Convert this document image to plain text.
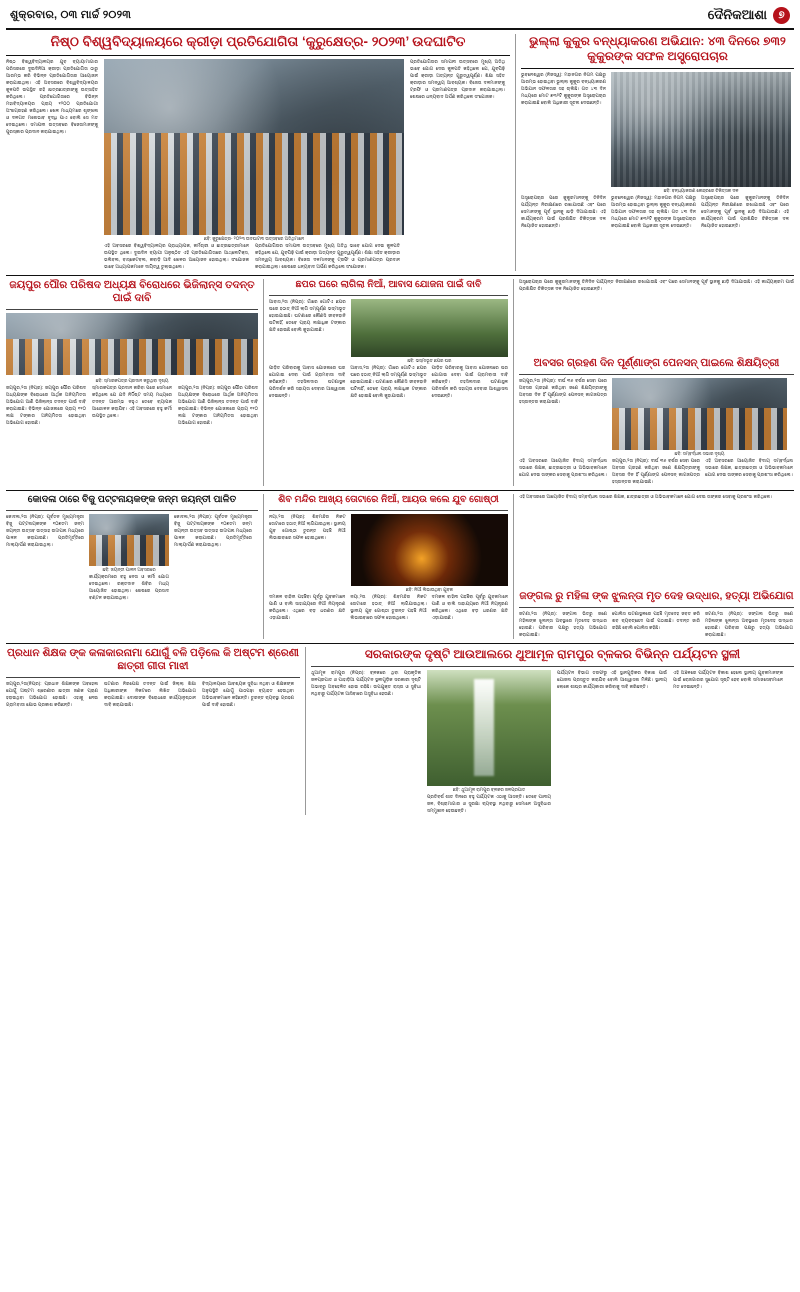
ଶୁକ୍ରବାର, ୦୩ ମାର୍ଚ୍ଚ ୨୦୨୩	ଦୈନିକଆଶା	୭
ନିଷ୍ଠ ବିଶ୍ୱବିଦ୍ୟାଳୟରେ କ୍ରୀଡ଼ା ପ୍ରତିଯୋଗିତା ‘କୁରୁକ୍ଷେତ୍ର- ୨୦୨୩’ ଉଦଘାଟିତ
ନିଷ୍ଠ ବିଶ୍ୱବିଦ୍ୟାଳୟର ଯୁବ ବ୍ୟାୟାମାଗାର ପରିସରରେ ଦୁଇଦିନିଆ କ୍ରୀଡ଼ା ପ୍ରତିଯୋଗିତା ଠାରୁ ଆରମ୍ଭ କରି ବିଭିନ୍ନ ପ୍ରତିଯୋଗିତାର ଆୟୋଜନ କରାଯାଇଥିଲା। ଏହି ଅବସରରେ ବିଶ୍ୱବିଦ୍ୟାଳୟର କୁଳପତି ଉପସ୍ଥିତ ରହି ଛାତ୍ରଛାତ୍ରୀଙ୍କୁ ଉତ୍ସାହିତ କରିଥିଲେ। ପ୍ରତିଯୋଗିତାରେ ବିଭିନ୍ନ ମହାବିଦ୍ୟାଳୟର ପ୍ରାୟ ୧୨୦୦ ପ୍ରତିଯୋଗୀ ଅଂଶଗ୍ରହଣ କରିଥିଲେ। ଖେଳ ମାଧ୍ୟମରେ ଶୃଙ୍ଖଳା ଓ ଦଳଗତ ମନୋଭାବ ବୃଦ୍ଧି ପାଏ ବୋଲି ସେ ମତ ଦେଇଥିଲେ। ସମାପନୀ ଉତ୍ସବରେ ବିଜେତାମାନଙ୍କୁ ପୁରସ୍କାର ପ୍ରଦାନ କରାଯାଇଥିଲା।
ଛବି: କୁରୁକ୍ଷେତ୍ର- ୨୦୨୩ ଉଦଘାଟନୀ ଉତ୍ସବରେ ଅତିଥିମାନେ
ଏହି ଅବସରରେ ବିଶ୍ୱବିଦ୍ୟାଳୟର ପ୍ରାଧ୍ୟାପକ, କର୍ମଚାରୀ ଓ ଛାତ୍ରଛାତ୍ରୀମାନେ ଉପସ୍ଥିତ ଥିଲେ। ଦୁଇଦିନ ବ୍ୟାପୀ ଅନୁଷ୍ଠିତ ଏହି ପ୍ରତିଯୋଗିତାରେ ଆଥ୍ଲେଟିକ୍ସ, ଭଲିବଲ, ବାସ୍କେଟବଲ, କବାଡ଼ି ଆଦି ଖେଳର ଆୟୋଜନ ହୋଇଥିଲା। ସଂଯୋଜକ ଭାବେ ଅଧ୍ୟାପକମାନେ ଦାୟିତ୍ୱ ତୁଲାଇଥିଲେ।
ପ୍ରତିଯୋଗିତାର ସମାପନୀ ଉତ୍ସବରେ ମୁଖ୍ୟ ଅତିଥି ଭାବେ ଯୋଗ ଦେଇ କୁଳପତି କହିଥିଲେ ଯେ, ଯୁବପିଢ଼ି ପାଇଁ କ୍ରୀଡ଼ା ଅତ୍ୟନ୍ତ ଗୁରୁତ୍ୱପୂର୍ଣ୍ଣ। ଶିକ୍ଷା ସହିତ କ୍ରୀଡ଼ାର ସମନ୍ୱୟ ଆବଶ୍ୟକ। ବିଜେତା ଦଳମାନଙ୍କୁ ଟ୍ରଫି ଓ ପ୍ରମାଣପତ୍ର ପ୍ରଦାନ କରାଯାଇଥିଲା। ଶେଷରେ ଧନ୍ୟବାଦ ଅର୍ପଣ କରିଥିଲେ ସଂଯୋଜକ।
ପ୍ରତିଯୋଗିତାର ସମାପନୀ ଉତ୍ସବରେ ମୁଖ୍ୟ ଅତିଥି ଭାବେ ଯୋଗ ଦେଇ କୁଳପତି କହିଥିଲେ ଯେ, ଯୁବପିଢ଼ି ପାଇଁ କ୍ରୀଡ଼ା ଅତ୍ୟନ୍ତ ଗୁରୁତ୍ୱପୂର୍ଣ୍ଣ। ଶିକ୍ଷା ସହିତ କ୍ରୀଡ଼ାର ସମନ୍ୱୟ ଆବଶ୍ୟକ। ବିଜେତା ଦଳମାନଙ୍କୁ ଟ୍ରଫି ଓ ପ୍ରମାଣପତ୍ର ପ୍ରଦାନ କରାଯାଇଥିଲା। ଶେଷରେ ଧନ୍ୟବାଦ ଅର୍ପଣ କରିଥିଲେ ସଂଯୋଜକ।
ଭୁଲ୍ଲା କୁକୁର ବନ୍ଧ୍ୟାକରଣ ଅଭିଯାନ: ୪୩ ଦିନରେ ୭୩୨ କୁକୁରଙ୍କ ସଫଳ ଅସ୍ତ୍ରୋପଚାର
ଭୁବନେଶ୍ୱର (ନିଜସ୍ୱ): ମହାନଗର ନିଗମ ପକ୍ଷରୁ ଆରମ୍ଭ ହୋଇଥିବା ଭୁଲ୍ଲା କୁକୁର ବନ୍ଧ୍ୟାକରଣ ଅଭିଯାନ ସଫଳତାର ସହ ଚାଲିଛି। ଗତ ୪୩ ଦିନ ମଧ୍ୟରେ ମୋଟ ୭୩୨ଟି କୁକୁରଙ୍କ ଅସ୍ତ୍ରୋପଚାର କରାଯାଇଛି ବୋଲି ଅଧିକାରୀ ସୂଚନା ଦେଇଛନ୍ତି।
ଛବି: ବନ୍ଧ୍ୟାକରଣ କେନ୍ଦ୍ରରେ ଚିକିତ୍ସକ ଦଳ
ଅସ୍ତ୍ରୋପଚାର ପରେ କୁକୁରମାନଙ୍କୁ ତିନିଦିନ ପର୍ଯ୍ୟନ୍ତ ନିରୀକ୍ଷଣରେ ରଖାଯାଉଛି ଏବଂ ପରେ ସେମାନଙ୍କୁ ପୂର୍ବ ସ୍ଥାନକୁ ଛାଡ଼ି ଦିଆଯାଉଛି। ଏହି କାର୍ଯ୍ୟକ୍ରମ ପାଇଁ ପ୍ରଶିକ୍ଷିତ ଚିକିତ୍ସକ ଦଳ ନିୟୋଜିତ ହୋଇଛନ୍ତି।
ଭୁବନେଶ୍ୱର (ନିଜସ୍ୱ): ମହାନଗର ନିଗମ ପକ୍ଷରୁ ଆରମ୍ଭ ହୋଇଥିବା ଭୁଲ୍ଲା କୁକୁର ବନ୍ଧ୍ୟାକରଣ ଅଭିଯାନ ସଫଳତାର ସହ ଚାଲିଛି। ଗତ ୪୩ ଦିନ ମଧ୍ୟରେ ମୋଟ ୭୩୨ଟି କୁକୁରଙ୍କ ଅସ୍ତ୍ରୋପଚାର କରାଯାଇଛି ବୋଲି ଅଧିକାରୀ ସୂଚନା ଦେଇଛନ୍ତି।
ଅସ୍ତ୍ରୋପଚାର ପରେ କୁକୁରମାନଙ୍କୁ ତିନିଦିନ ପର୍ଯ୍ୟନ୍ତ ନିରୀକ୍ଷଣରେ ରଖାଯାଉଛି ଏବଂ ପରେ ସେମାନଙ୍କୁ ପୂର୍ବ ସ୍ଥାନକୁ ଛାଡ଼ି ଦିଆଯାଉଛି। ଏହି କାର୍ଯ୍ୟକ୍ରମ ପାଇଁ ପ୍ରଶିକ୍ଷିତ ଚିକିତ୍ସକ ଦଳ ନିୟୋଜିତ ହୋଇଛନ୍ତି।
ଜୟପୁର ପୌର ପରିଷଦ ଅଧ୍ୟକ୍ଷ ବିରୋଧରେ ଭିଜିଲାନ୍ସ ତଦନ୍ତ ପାଇଁ ଦାବି
ଛବି: ସ୍ମାରକପତ୍ର ପ୍ରଦାନ କରୁଥିବା ଦୃଶ୍ୟ
ଜୟପୁର,୨ତା (ନିପ୍ର): ଜୟପୁର ପୌର ପରିଷଦ ଅଧ୍ୟକ୍ଷଙ୍କ ବିରୋଧରେ ଆର୍ଥିକ ଅନିୟମିତତା ଅଭିଯୋଗ ଆଣି ଭିଜିଲାନ୍ସ ତଦନ୍ତ ପାଇଁ ଦାବି କରାଯାଇଛି। ବିଭିନ୍ନ ଯୋଜନାରେ ପ୍ରାୟ ୧୧୦ ଲକ୍ଷ ଟଙ୍କାର ଅନିୟମିତତା ହୋଇଥିବା ଅଭିଯୋଗ ହୋଇଛି।
ସ୍ମାରକପତ୍ର ପ୍ରଦାନ କରିବା ପରେ ସେମାନେ କହିଥିଲେ ଯେ ଯଦି ନିର୍ଦ୍ଦିଷ୍ଟ ସମୟ ମଧ୍ୟରେ ତଦନ୍ତ ଆରମ୍ଭ ନହୁଏ ତେବେ ବ୍ୟାପକ ଆନ୍ଦୋଳନ କରାଯିବ। ଏହି ଅବସରରେ ବହୁ କର୍ମୀ ଉପସ୍ଥିତ ଥିଲେ।
ଜୟପୁର,୨ତା (ନିପ୍ର): ଜୟପୁର ପୌର ପରିଷଦ ଅଧ୍ୟକ୍ଷଙ୍କ ବିରୋଧରେ ଆର୍ଥିକ ଅନିୟମିତତା ଅଭିଯୋଗ ଆଣି ଭିଜିଲାନ୍ସ ତଦନ୍ତ ପାଇଁ ଦାବି କରାଯାଇଛି। ବିଭିନ୍ନ ଯୋଜନାରେ ପ୍ରାୟ ୧୧୦ ଲକ୍ଷ ଟଙ୍କାର ଅନିୟମିତତା ହୋଇଥିବା ଅଭିଯୋଗ ହୋଇଛି।
ଛପର ଘରେ ଲାଗିଲା ନିଆଁ, ଆବାସ ଯୋଜନା ପାଇଁ ଦାବି
ଆବାସ,୨ତା (ନିପ୍ର): ଗାଁରେ ଗୋଟିଏ ଛପର ଘରେ ହଠାତ୍ ନିଆଁ ଲାଗି ସମ୍ପୂର୍ଣ୍ଣ ଭସ୍ମୀଭୂତ ହୋଇଯାଇଛି। ଘଟଣାରେ କୌଣସି ଜୀବନହାନି ଘଟିନାହିଁ, ତେବେ ପ୍ରାୟ ଲକ୍ଷାଧିକ ଟଙ୍କାର କ୍ଷତି ହୋଇଛି ବୋଲି କୁହାଯାଇଛି।
ଛବି: ଭସ୍ମୀଭୂତ ଛପର ଘର
ପୀଡ଼ିତ ପରିବାରକୁ ଆବାସ ଯୋଜନାରେ ଘର ଯୋଗାଇ ଦେବା ପାଇଁ ଗ୍ରାମବାସୀ ଦାବି କରିଛନ୍ତି। ତହସିଲଦାର ଘଟଣାସ୍ଥଳ ପରିଦର୍ଶନ କରି ସହାୟତା ଦେବାର ଆଶ୍ୱାସନା ଦେଇଛନ୍ତି।
ଆବାସ,୨ତା (ନିପ୍ର): ଗାଁରେ ଗୋଟିଏ ଛପର ଘରେ ହଠାତ୍ ନିଆଁ ଲାଗି ସମ୍ପୂର୍ଣ୍ଣ ଭସ୍ମୀଭୂତ ହୋଇଯାଇଛି। ଘଟଣାରେ କୌଣସି ଜୀବନହାନି ଘଟିନାହିଁ, ତେବେ ପ୍ରାୟ ଲକ୍ଷାଧିକ ଟଙ୍କାର କ୍ଷତି ହୋଇଛି ବୋଲି କୁହାଯାଇଛି।
ପୀଡ଼ିତ ପରିବାରକୁ ଆବାସ ଯୋଜନାରେ ଘର ଯୋଗାଇ ଦେବା ପାଇଁ ଗ୍ରାମବାସୀ ଦାବି କରିଛନ୍ତି। ତହସିଲଦାର ଘଟଣାସ୍ଥଳ ପରିଦର୍ଶନ କରି ସହାୟତା ଦେବାର ଆଶ୍ୱାସନା ଦେଇଛନ୍ତି।
ଅସ୍ତ୍ରୋପଚାର ପରେ କୁକୁରମାନଙ୍କୁ ତିନିଦିନ ପର୍ଯ୍ୟନ୍ତ ନିରୀକ୍ଷଣରେ ରଖାଯାଉଛି ଏବଂ ପରେ ସେମାନଙ୍କୁ ପୂର୍ବ ସ୍ଥାନକୁ ଛାଡ଼ି ଦିଆଯାଉଛି। ଏହି କାର୍ଯ୍ୟକ୍ରମ ପାଇଁ ପ୍ରଶିକ୍ଷିତ ଚିକିତ୍ସକ ଦଳ ନିୟୋଜିତ ହୋଇଛନ୍ତି।
ଅବସର ଗ୍ରହଣ ଦିନ ପୂର୍ଣ୍ଣାଙ୍ଗ ପେନସନ୍ ପାଇଲେ ଶିକ୍ଷୟିତ୍ରୀ
ଜୟପୁର,୨ତା (ନିପ୍ର): ଦୀର୍ଘ ୩୫ ବର୍ଷର ସେବା ପରେ ଅବସର ଗ୍ରହଣ କରିଥିବା ଜଣେ ଶିକ୍ଷୟିତ୍ରୀଙ୍କୁ ଅବସର ଦିନ ହିଁ ପୂର୍ଣ୍ଣାଙ୍ଗ ପେନସନ୍ କାଗଜପତ୍ର ହସ୍ତାନ୍ତର କରାଯାଇଛି।
ଛବି: ସମ୍ବର୍ଦ୍ଧନା ସଭାର ଦୃଶ୍ୟ
ଏହି ଅବସରରେ ଆୟୋଜିତ ବିଦାୟ ସମ୍ବର୍ଦ୍ଧନା ସଭାରେ ଶିକ୍ଷକ, ଛାତ୍ରଛାତ୍ରୀ ଓ ଅଭିଭାବକମାନେ ଯୋଗ ଦେଇ ତାଙ୍କର ସେବାକୁ ପ୍ରଶଂସା କରିଥିଲେ।
ଜୟପୁର,୨ତା (ନିପ୍ର): ଦୀର୍ଘ ୩୫ ବର୍ଷର ସେବା ପରେ ଅବସର ଗ୍ରହଣ କରିଥିବା ଜଣେ ଶିକ୍ଷୟିତ୍ରୀଙ୍କୁ ଅବସର ଦିନ ହିଁ ପୂର୍ଣ୍ଣାଙ୍ଗ ପେନସନ୍ କାଗଜପତ୍ର ହସ୍ତାନ୍ତର କରାଯାଇଛି।
ଏହି ଅବସରରେ ଆୟୋଜିତ ବିଦାୟ ସମ୍ବର୍ଦ୍ଧନା ସଭାରେ ଶିକ୍ଷକ, ଛାତ୍ରଛାତ୍ରୀ ଓ ଅଭିଭାବକମାନେ ଯୋଗ ଦେଇ ତାଙ୍କର ସେବାକୁ ପ୍ରଶଂସା କରିଥିଲେ।
କୋଦଳା ଠାରେ ବିଜୁ ପଟ୍ଟନାୟକଙ୍କ ଜନ୍ମ ଜୟନ୍ତୀ ପାଳିତ
କୋଦଳା,୨ତା (ନିପ୍ର): ପୂର୍ବତନ ମୁଖ୍ୟମନ୍ତ୍ରୀ ବିଜୁ ପଟ୍ଟନାୟକଙ୍କ ୧୦୭ତମ ଜନ୍ମ ଜୟନ୍ତୀ ଉତ୍ସବ ଉତ୍ସାହ ଉଦ୍ଦୀପନା ମଧ୍ୟରେ ପାଳନ କରାଯାଇଛି। ପ୍ରତିମୂର୍ତ୍ତିରେ ମାଲ୍ୟାର୍ପଣ କରାଯାଇଥିଲା।
ଛବି: ଜୟନ୍ତୀ ପାଳନ ଅବସରରେ
କାର୍ଯ୍ୟକ୍ରମରେ ବହୁ ନେତା ଓ କର୍ମୀ ଯୋଗ ଦେଇଥିଲେ। ରକ୍ତଦାନ ଶିବିର ମଧ୍ୟ ଆୟୋଜିତ ହୋଇଥିଲା। ଶେଷରେ ପ୍ରସାଦ ବଣ୍ଟନ କରାଯାଇଥିଲା।
କୋଦଳା,୨ତା (ନିପ୍ର): ପୂର୍ବତନ ମୁଖ୍ୟମନ୍ତ୍ରୀ ବିଜୁ ପଟ୍ଟନାୟକଙ୍କ ୧୦୭ତମ ଜନ୍ମ ଜୟନ୍ତୀ ଉତ୍ସବ ଉତ୍ସାହ ଉଦ୍ଦୀପନା ମଧ୍ୟରେ ପାଳନ କରାଯାଇଛି। ପ୍ରତିମୂର୍ତ୍ତିରେ ମାଲ୍ୟାର୍ପଣ କରାଯାଇଥିଲା।
ଶିବ ମନ୍ଦିର ଆଖ୍ୟ ତୋଟାରେ ନିଆଁ, ଆୟଉ କଲେ ଯୁବ ଗୋଷ୍ଠୀ
ନୟା,୨ତା (ନିପ୍ର): ଶିବମନ୍ଦିର ନିକଟ ତୋଟାରେ ହଠାତ୍ ନିଆଁ ଲାଗିଯାଇଥିଲା। ସ୍ଥାନୀୟ ଯୁବ ଗୋଷ୍ଠୀ ତୁରନ୍ତ ପହଞ୍ଚି ନିଆଁ ଲିଭାଇବାରେ ସଫଳ ହୋଇଥିଲେ।
ଛବି: ନିଆଁ ଲିଭାଉଥିବା ଯୁବକ
ଦମକଳ ବାହିନୀ ପହଞ୍ଚିବା ପୂର୍ବରୁ ଯୁବକମାନେ ପାଣି ଓ ବାଲି ସାହାଯ୍ୟରେ ନିଆଁ ନିୟନ୍ତ୍ରଣ କରିଥିଲେ। ଏଥିରେ ବଡ଼ ଧରଣର କ୍ଷତି ଏଡ଼ାଯାଇଛି।
ନୟା,୨ତା (ନିପ୍ର): ଶିବମନ୍ଦିର ନିକଟ ତୋଟାରେ ହଠାତ୍ ନିଆଁ ଲାଗିଯାଇଥିଲା। ସ୍ଥାନୀୟ ଯୁବ ଗୋଷ୍ଠୀ ତୁରନ୍ତ ପହଞ୍ଚି ନିଆଁ ଲିଭାଇବାରେ ସଫଳ ହୋଇଥିଲେ।
ଦମକଳ ବାହିନୀ ପହଞ୍ଚିବା ପୂର୍ବରୁ ଯୁବକମାନେ ପାଣି ଓ ବାଲି ସାହାଯ୍ୟରେ ନିଆଁ ନିୟନ୍ତ୍ରଣ କରିଥିଲେ। ଏଥିରେ ବଡ଼ ଧରଣର କ୍ଷତି ଏଡ଼ାଯାଇଛି।
ଏହି ଅବସରରେ ଆୟୋଜିତ ବିଦାୟ ସମ୍ବର୍ଦ୍ଧନା ସଭାରେ ଶିକ୍ଷକ, ଛାତ୍ରଛାତ୍ରୀ ଓ ଅଭିଭାବକମାନେ ଯୋଗ ଦେଇ ତାଙ୍କର ସେବାକୁ ପ୍ରଶଂସା କରିଥିଲେ।
ଜଙ୍ଗଲ ରୁ ମହିଳା ଙ୍କ ଝୁଲନ୍ତା ମୃତ ଦେହ ଉଦ୍ଧାର, ହତ୍ୟା ଅଭିଯୋଗ
ଜଟଣୀ,୨ତା (ନିପ୍ର): ଜଙ୍ଗଲ ଭିତରୁ ଜଣେ ମହିଳାଙ୍କ ଝୁଲନ୍ତା ଅବସ୍ଥାରେ ମୃତଦେହ ଉଦ୍ଧାର ହୋଇଛି। ପରିବାର ପକ୍ଷରୁ ହତ୍ୟା ଅଭିଯୋଗ କରାଯାଇଛି।
ପୋଲିସ ଘଟଣାସ୍ଥଳରେ ପହଞ୍ଚି ମୃତଦେହ ଜବତ କରି ଶବ ବ୍ୟବଚ୍ଛେଦ ପାଇଁ ପଠାଇଛି। ତଦନ୍ତ ଜାରି ରହିଛି ବୋଲି ପୋଲିସ କହିଛି।
ଜଟଣୀ,୨ତା (ନିପ୍ର): ଜଙ୍ଗଲ ଭିତରୁ ଜଣେ ମହିଳାଙ୍କ ଝୁଲନ୍ତା ଅବସ୍ଥାରେ ମୃତଦେହ ଉଦ୍ଧାର ହୋଇଛି। ପରିବାର ପକ୍ଷରୁ ହତ୍ୟା ଅଭିଯୋଗ କରାଯାଇଛି।
ପ୍ରଧାନ ଶିକ୍ଷକ ଙ୍କ କଳାକାରନାମା ଯୋଗୁଁ ବଳି ପଡ଼ିଲେ କି ଅଷ୍ଟମ ଶ୍ରେଣୀ ଛାତ୍ରୀ ଗୀତା ମାଝୀ
ଜୟପୁର,୨ତା(ନିପ୍ର): ପ୍ରଧାନ ଶିକ୍ଷକଙ୍କ ଅବହେଳା ଯୋଗୁଁ ଅଷ୍ଟମ ଶ୍ରେଣୀର ଛାତ୍ରୀ ଜଣକ ପ୍ରାଣ ହରାଇଥିବା ଅଭିଯୋଗ ହୋଇଛି। ଏହାକୁ ନେଇ ଗ୍ରାମବାସୀ କ୍ଷୋଭ ପ୍ରକାଶ କରିଛନ୍ତି।
ଘଟଣାର ନିରପେକ୍ଷ ତଦନ୍ତ ପାଇଁ ଜିଲ୍ଲା ଶିକ୍ଷା ଅଧିକାରୀଙ୍କ ନିକଟରେ ଲିଖିତ ଅଭିଯୋଗ କରାଯାଇଛି। ଦୋଷୀଙ୍କ ବିରୋଧରେ କାର୍ଯ୍ୟାନୁଷ୍ଠାନ ଦାବି କରାଯାଇଛି।
ବିଦ୍ୟାଳୟରେ ଆବଶ୍ୟକ ସୁବିଧା ନଥିବା ଓ ଶିକ୍ଷକଙ୍କ ଅନୁପସ୍ଥିତି ଯୋଗୁଁ ପାଠପଢ଼ା ବ୍ୟାହତ ହେଉଥିବା ଅଭିଭାବକମାନେ କହିଛନ୍ତି। ତୁରନ୍ତ ବ୍ୟବସ୍ଥା ଗ୍ରହଣ ପାଇଁ ଦାବି ହୋଇଛି।
ସରକାରଙ୍କ ଦୃଷ୍ଟି ଆଉଆଲରେ ଥୁଆମୂଳ ରାମପୁର ବ୍ଳକର ବିଭିନ୍ନ ପର୍ଯ୍ୟଟନ ସ୍ଥଳୀ
ଥୁଆମୂଳ ରାମପୁର (ନିପ୍ର): ବ୍ଳକରେ ଥିବା ପ୍ରାକୃତିକ ଜଳପ୍ରପାତ ଓ ପାହାଡ଼ିଆ ପର୍ଯ୍ୟଟନ ସ୍ଥଳୀଗୁଡ଼ିକ ସରକାରୀ ଦୃଷ୍ଟି ଅଭାବରୁ ଅବହେଳିତ ହୋଇ ରହିଛି। ଉପଯୁକ୍ତ ରାସ୍ତା ଓ ସୁବିଧା ନଥିବାରୁ ପର୍ଯ୍ୟଟକ ଆସିବାରେ ଅସୁବିଧା ହେଉଛି।
ଛବି: ଥୁଆମୂଳ ରାମପୁର ବ୍ଳକର ଜଳପ୍ରପାତ
ପ୍ରତିବର୍ଷ ଶୀତ ଦିନରେ ବହୁ ପର୍ଯ୍ୟଟକ ଏଠାକୁ ଆସନ୍ତି। ତେବେ ପାନୀୟ ଜଳ, ବିଶ୍ରାମାଗାର ଓ ସୁରକ୍ଷା ବ୍ୟବସ୍ଥା ନଥିବାରୁ ସେମାନେ ଅସୁବିଧାର ସମ୍ମୁଖୀନ ହେଉଛନ୍ତି।
ପର୍ଯ୍ୟଟନ ବିଭାଗ ତରଫରୁ ଏହି ସ୍ଥାନଗୁଡ଼ିକର ବିକାଶ ପାଇଁ ଯୋଜନା ପ୍ରସ୍ତୁତ କରାଯିବ ବୋଲି ଆଶ୍ୱାସନା ମିଳିଛି। ସ୍ଥାନୀୟ ଲୋକେ ଶୀଘ୍ର କାର୍ଯ୍ୟକାରୀ କରିବାକୁ ଦାବି କରିଛନ୍ତି।
ଏହି ଅଞ୍ଚଳରେ ପର୍ଯ୍ୟଟନ ବିକାଶ ହେଲେ ସ୍ଥାନୀୟ ଯୁବକମାନଙ୍କ ପାଇଁ ରୋଜଗାରର ସୁଯୋଗ ସୃଷ୍ଟି ହେବ ବୋଲି ସମାଜସେବୀମାନେ ମତ ଦେଇଛନ୍ତି।
